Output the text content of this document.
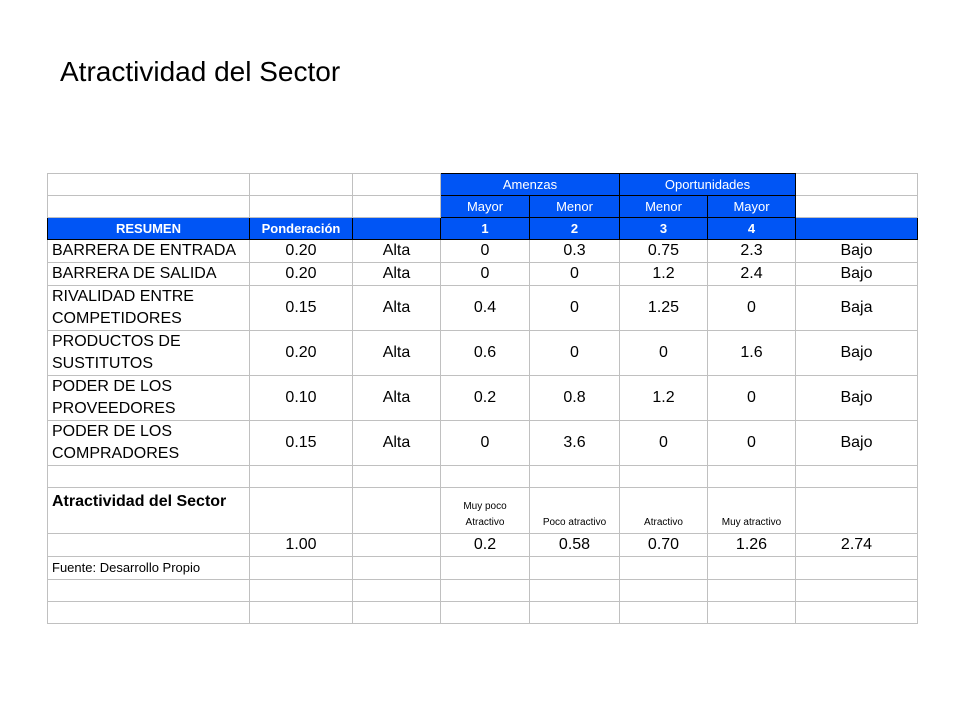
Atractividad del Sector
			Amenzas		Oportunidades		
			Mayor	Menor	Menor	Mayor	
RESUMEN	Ponderación		1	2	3	4	
BARRERA DE ENTRADA	0.20	Alta	0	0.3	0.75	2.3	Bajo
BARRERA DE SALIDA	0.20	Alta	0	0	1.2	2.4	Bajo
RIVALIDAD ENTRE COMPETIDORES	0.15	Alta	0.4	0	1.25	0	Baja
PRODUCTOS DE SUSTITUTOS	0.20	Alta	0.6	0	0	1.6	Bajo
PODER DE LOS PROVEEDORES	0.10	Alta	0.2	0.8	1.2	0	Bajo
PODER DE LOS COMPRADORES	0.15	Alta	0	3.6	0	0	Bajo

Atractividad del Sector			Muy poco Atractivo	Poco atractivo	Atractivo	Muy atractivo	
	1.00		0.2	0.58	0.70	1.26	2.74
Fuente: Desarrollo Propio							
